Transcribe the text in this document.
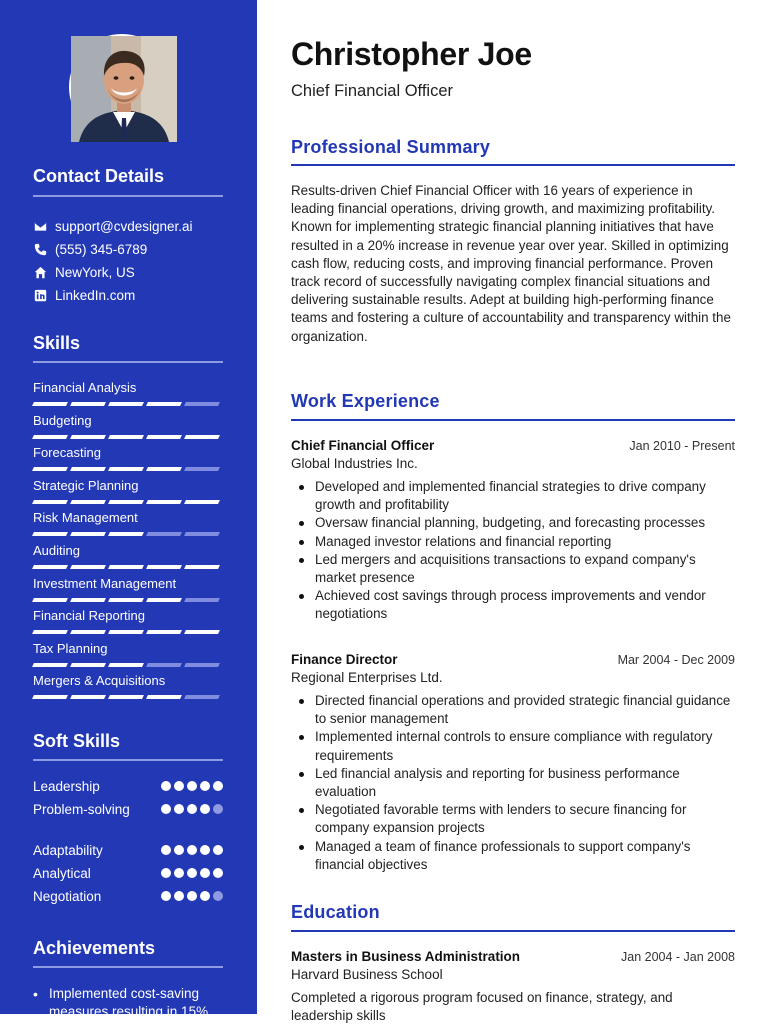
Contact Details
support@cvdesigner.ai
(555) 345-6789
NewYork, US
LinkedIn.com
Skills
Financial Analysis
Budgeting
Forecasting
Strategic Planning
Risk Management
Auditing
Investment Management
Financial Reporting
Tax Planning
Mergers & Acquisitions
Soft Skills
Leadership
Problem-solving
Adaptability
Analytical
Negotiation
Achievements
• Implemented cost-saving measures resulting in 15%
Christopher Joe
Chief Financial Officer
Professional Summary
Results-driven Chief Financial Officer with 16 years of experience in leading financial operations, driving growth, and maximizing profitability. Known for implementing strategic financial planning initiatives that have resulted in a 20% increase in revenue year over year. Skilled in optimizing cash flow, reducing costs, and improving financial performance. Proven track record of successfully navigating complex financial situations and delivering sustainable results. Adept at building high-performing finance teams and fostering a culture of accountability and transparency within the organization.
Work Experience
Chief Financial Officer	Jan 2010 - Present
Global Industries Inc.
Developed and implemented financial strategies to drive company growth and profitability
Oversaw financial planning, budgeting, and forecasting processes
Managed investor relations and financial reporting
Led mergers and acquisitions transactions to expand company's market presence
Achieved cost savings through process improvements and vendor negotiations
Finance Director	Mar 2004 - Dec 2009
Regional Enterprises Ltd.
Directed financial operations and provided strategic financial guidance to senior management
Implemented internal controls to ensure compliance with regulatory requirements
Led financial analysis and reporting for business performance evaluation
Negotiated favorable terms with lenders to secure financing for company expansion projects
Managed a team of finance professionals to support company's financial objectives
Education
Masters in Business Administration	Jan 2004 - Jan 2008
Harvard Business School
Completed a rigorous program focused on finance, strategy, and leadership skills
